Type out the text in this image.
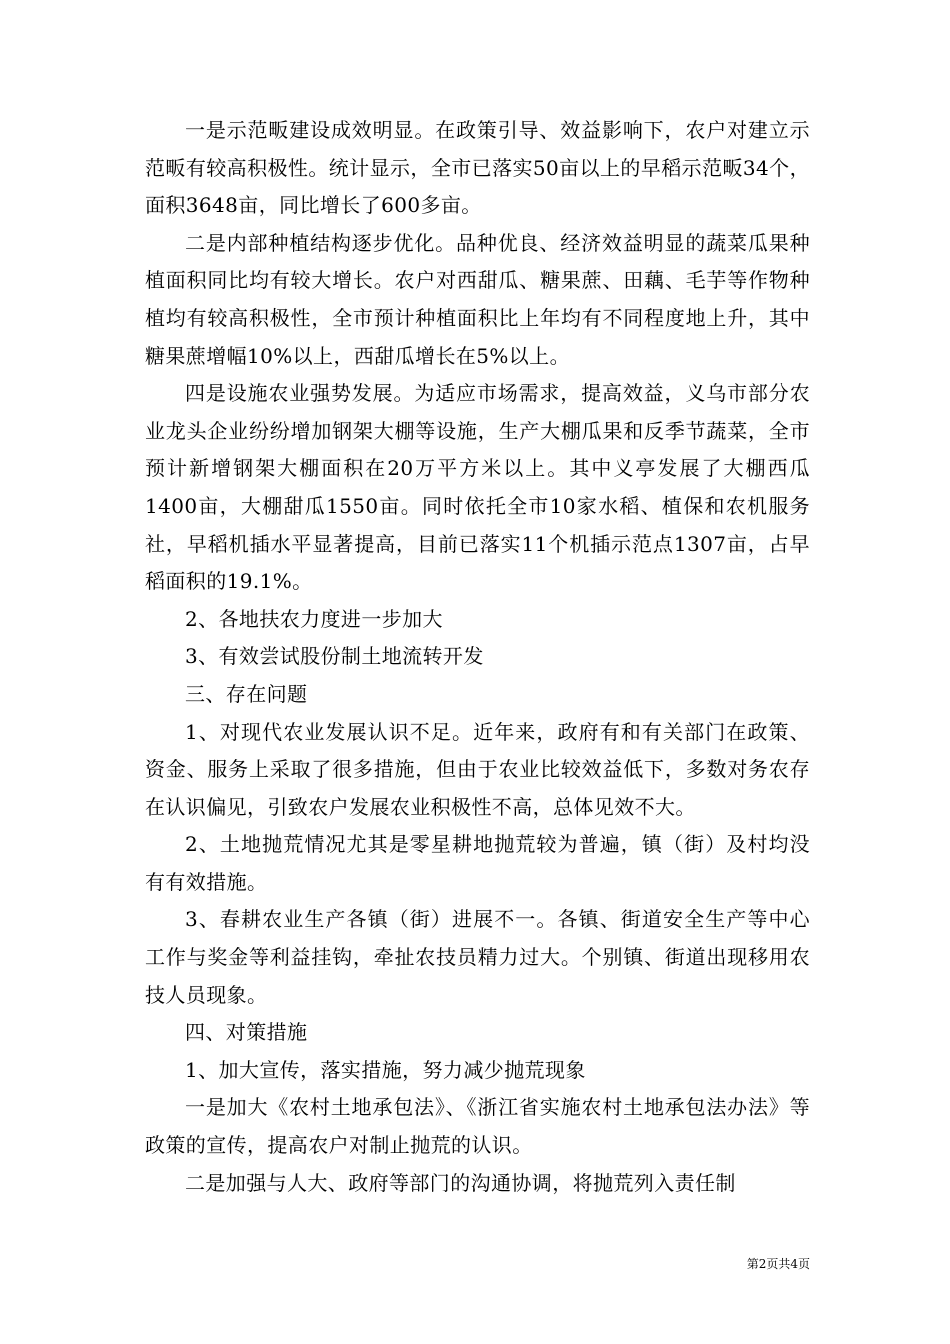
一是示范畈建设成效明显。在政策引导、效益影响下，农户对建立示范畈有较高积极性。统计显示，全市已落实50亩以上的早稻示范畈34个，面积3648亩，同比增长了600多亩。

二是内部种植结构逐步优化。品种优良、经济效益明显的蔬菜瓜果种植面积同比均有较大增长。农户对西甜瓜、糖果蔗、田藕、毛芋等作物种植均有较高积极性，全市预计种植面积比上年均有不同程度地上升，其中糖果蔗增幅10%以上，西甜瓜增长在5%以上。

四是设施农业强势发展。为适应市场需求，提高效益，义乌市部分农业龙头企业纷纷增加钢架大棚等设施，生产大棚瓜果和反季节蔬菜，全市预计新增钢架大棚面积在20万平方米以上。其中义亭发展了大棚西瓜1400亩，大棚甜瓜1550亩。同时依托全市10家水稻、植保和农机服务社，早稻机插水平显著提高，目前已落实11个机插示范点1307亩，占早稻面积的19.1%。

2、各地扶农力度进一步加大

3、有效尝试股份制土地流转开发

三、存在问题

1、对现代农业发展认识不足。近年来，政府有和有关部门在政策、资金、服务上采取了很多措施，但由于农业比较效益低下，多数对务农存在认识偏见，引致农户发展农业积极性不高，总体见效不大。

2、土地抛荒情况尤其是零星耕地抛荒较为普遍，镇（街）及村均没有有效措施。

3、春耕农业生产各镇（街）进展不一。各镇、街道安全生产等中心工作与奖金等利益挂钩，牵扯农技员精力过大。个别镇、街道出现移用农技人员现象。

四、对策措施

1、加大宣传，落实措施，努力减少抛荒现象

一是加大《农村土地承包法》、《浙江省实施农村土地承包法办法》等政策的宣传，提高农户对制止抛荒的认识。

二是加强与人大、政府等部门的沟通协调，将抛荒列入责任制

第2页共4页
